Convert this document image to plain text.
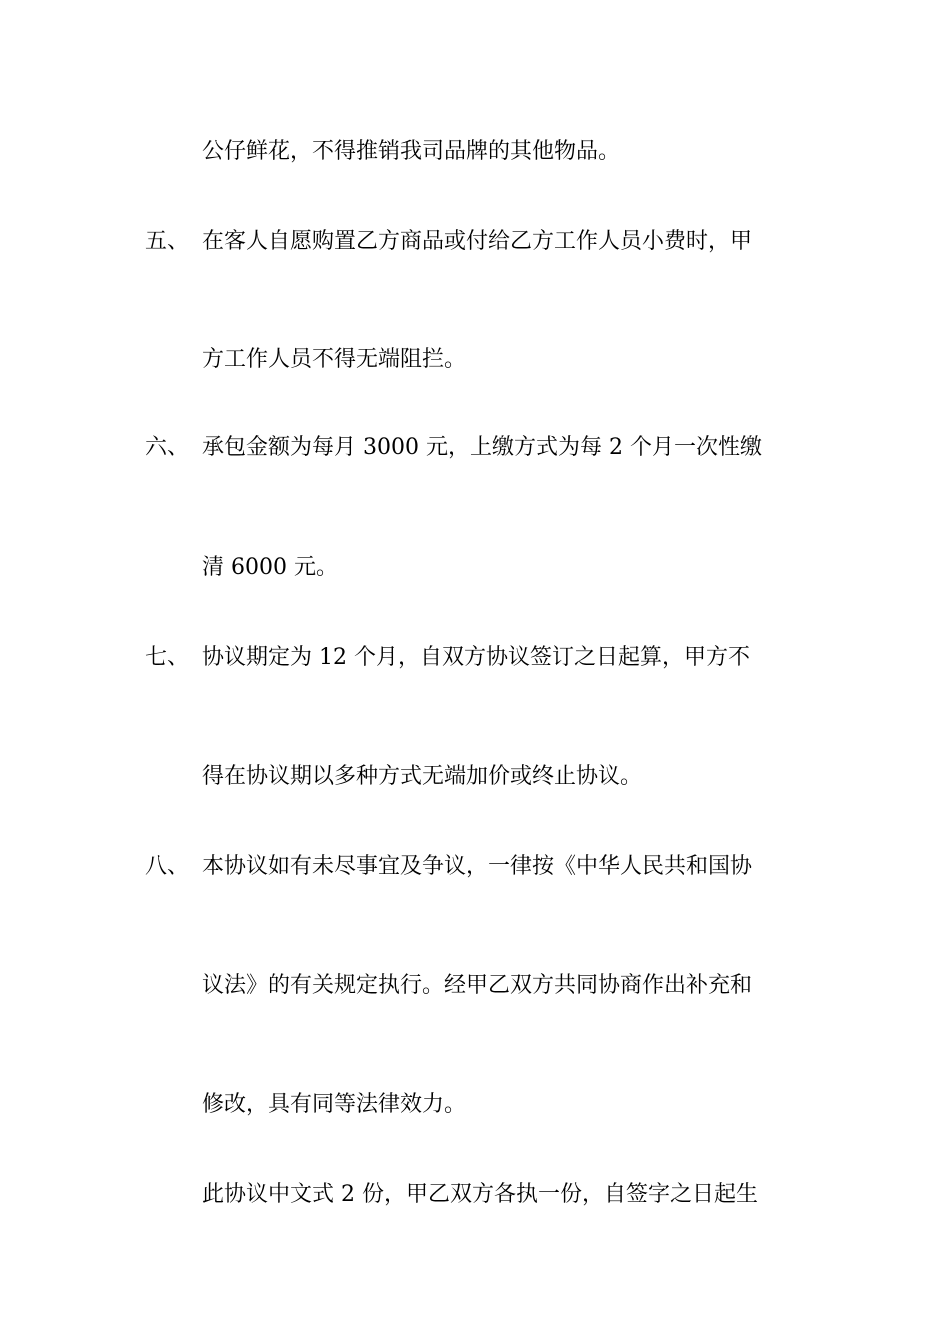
公仔鲜花，不得推销我司品牌的其他物品。
五、 在客人自愿购置乙方商品或付给乙方工作人员小费时，甲
方工作人员不得无端阻拦。
六、 承包金额为每月 3000 元，上缴方式为每 2 个月一次性缴
清 6000 元。
七、 协议期定为 12 个月，自双方协议签订之日起算，甲方不
得在协议期以多种方式无端加价或终止协议。
八、 本协议如有未尽事宜及争议，一律按《中华人民共和国协
议法》的有关规定执行。经甲乙双方共同协商作出补充和
修改，具有同等法律效力。
此协议中文式 2 份，甲乙双方各执一份，自签字之日起生
